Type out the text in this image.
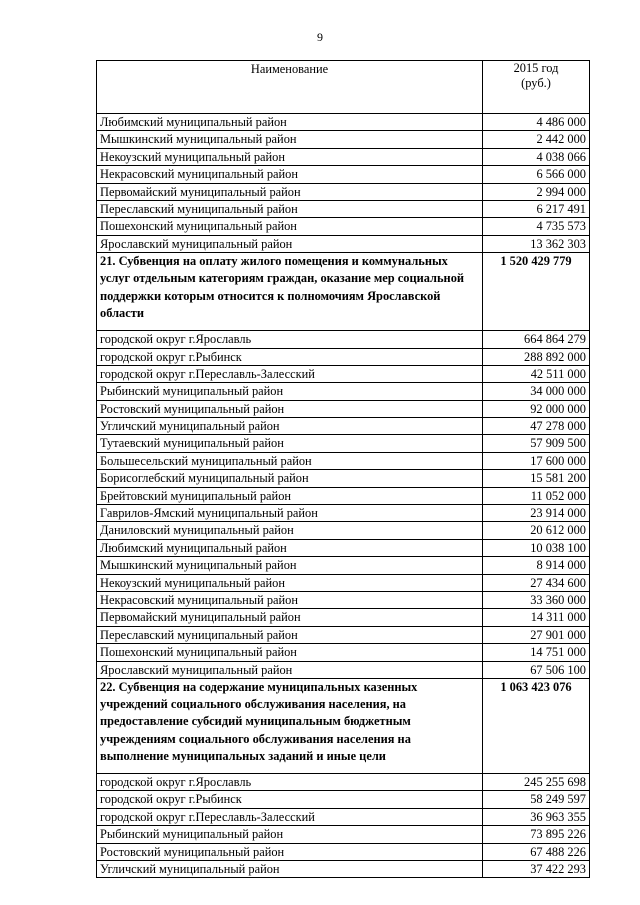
9
Наименование	2015 год
(руб.)
Любимский муниципальный район	4 486 000
Мышкинский муниципальный район	2 442 000
Некоузский муниципальный район	4 038 066
Некрасовский муниципальный район	6 566 000
Первомайский муниципальный район	2 994 000
Переславский муниципальный район	6 217 491
Пошехонский муниципальный район	4 735 573
Ярославский муниципальный район	13 362 303
21. Субвенция на оплату жилого помещения и коммунальных услуг отдельным категориям граждан, оказание мер социальной поддержки которым относится к полномочиям Ярославской области	1 520 429 779
городской округ г.Ярославль	664 864 279
городской округ г.Рыбинск	288 892 000
городской округ г.Переславль-Залесский	42 511 000
Рыбинский муниципальный район	34 000 000
Ростовский муниципальный район	92 000 000
Угличский муниципальный район	47 278 000
Тутаевский муниципальный район	57 909 500
Большесельский муниципальный район	17 600 000
Борисоглебский муниципальный район	15 581 200
Брейтовский муниципальный район	11 052 000
Гаврилов-Ямский муниципальный район	23 914 000
Даниловский муниципальный район	20 612 000
Любимский муниципальный район	10 038 100
Мышкинский муниципальный район	8 914 000
Некоузский муниципальный район	27 434 600
Некрасовский муниципальный район	33 360 000
Первомайский муниципальный район	14 311 000
Переславский муниципальный район	27 901 000
Пошехонский муниципальный район	14 751 000
Ярославский муниципальный район	67 506 100
22. Субвенция на содержание муниципальных казенных учреждений социального обслуживания населения, на предоставление субсидий муниципальным бюджетным учреждениям социального обслуживания населения на выполнение муниципальных заданий и иные цели	1 063 423 076
городской округ г.Ярославль	245 255 698
городской округ г.Рыбинск	58 249 597
городской округ г.Переславль-Залесский	36 963 355
Рыбинский муниципальный район	73 895 226
Ростовский муниципальный район	67 488 226
Угличский муниципальный район	37 422 293
